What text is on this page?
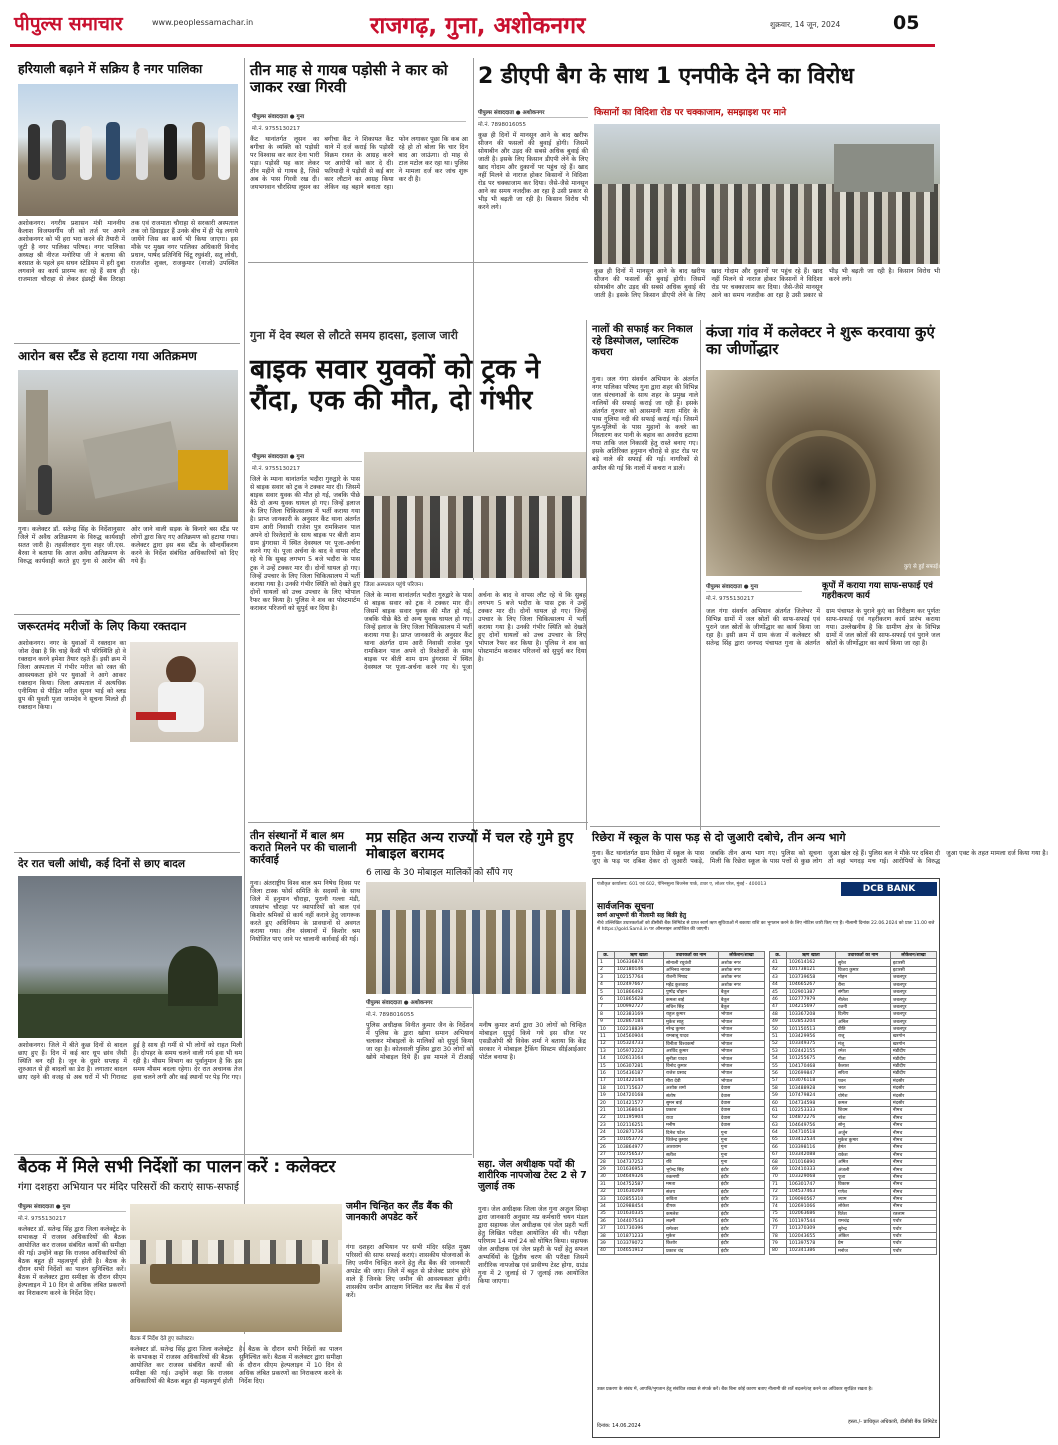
पीपुल्स समाचार	www.peoplessamachar.in	राजगढ़, गुना, अशोकनगर	शुक्रवार, 14 जून, 2024	05
हरियाली बढ़ाने में सक्रिय है नगर पालिका
अशोकनगर। नगरीय प्रशासन मंत्री माननीय कैलाश विजयवर्गीय जी को तर्ज पर अपने अशोकनगर को भी हरा भरा करने की तैयारी में जुटी है नगर पालिका परिषद। नगर पालिका अध्यक्ष श्री नीरज मनोरिया जी ने बताया की बरसात के पहले हम सघन स्टेडियम में हरी दुबा लगवाने का कार्य प्रारम्भ कर रहे हैं साथ ही राजमाता चौराहा से लेकर इंडस्ट्री बैंक तिराहा तक एवं राजमाता चौराहा से सरकारी अस्पताल तक जो डिवाइडर हैं उनके बीच में ही पेड़ लगाये जायेंगे जिस का कार्य भी किया जाएगा। इस मौके पर मुख्य नगर पालिका अधिकारी विनोद प्रधान, पार्षद प्रतिनिधि चिंटू रघुवंशी, सतू लोधी, राजजीत शुक्ल, राजकुमार (नाजो) उपस्थित रहे।
आरोन बस स्टैंड से हटाया गया अतिक्रमण
गुना। कलेक्टर डॉ. सतेन्द्र सिंह के निर्देशानुसार जिले में अवैध अतिक्रमण के विरुद्ध कार्यवाही सतत जारी है। तहसीलदार गुना शहर जी.एस. बैरवा ने बताया कि आज अवैध अतिक्रमण के विरुद्ध कार्यवाही करते हुए गुना से आरोन की ओर जाने वाली सड़क के किनारे बस स्टैंड पर लोगों द्वारा किए गए अतिक्रमण को हटाया गया। कलेक्टर द्वारा इस बस स्टैंड के सौन्दर्यीकरण करने के निर्देश संबंधित अधिकारियों को दिए गये हैं।
जरूरतमंद मरीजों के लिए किया रक्तदान
अशोकनगर। नगर के युवाओं में रक्तदान का जोश देखा है कि चाहे कैसी भी परिस्थिति हो वे रक्तदान करने हमेशा तैयार रहते हैं। इसी क्रम में जिला अस्पताल में गंभीर मरीज को रक्त की आवश्यकता होने पर युवाओं ने आगे आकर रक्तदान किया। जिला अस्पताल में अत्यधिक एनीमिया से पीड़ित मरीज सुमन भाई को ब्लड ग्रुप की युवती पूजा जामदेव ने सूचना मिलते ही रक्तदान किया।
देर रात चली आंधी, कई दिनों से छाए बादल
अशोकनगर। जिले में बीते कुछ दिनों से बादल छाए हुए हैं। दिन में कई बार धूप छांव जैसी स्थिति बन रही है। जून के दूसरे सप्ताह में शुरुआत से ही बादलों का डेरा है। लगातार बादल छाए रहने की वजह से अब घरों में भी गिरावट हुई है साथ ही गर्मी से भी लोगों को राहत मिली है। दोपहर के समय चलने वाली गर्म हवा भी थम रही है। मौसम विभाग का पूर्वानुमान है कि इस समय मौसम बदला रहेगा। देर रात अचानक तेज हवा चलने लगी और कई स्थानों पर पेड़ गिर गए।
तीन माह से गायब पड़ोसी ने कार को जाकर रखा गिरवी
पीपुल्स संवाददाता ● गुना
मो.नं. 9755130217
कैंट थानांतर्गत लूसन का बगीचा के व्यक्ति को पड़ोसी पर विश्वास कर कार देना भारी पड़ा। पड़ोसी यह कार लेकर तीन महीने से गायब है, जिसे अब के पास गिरवी रख दी। जयभगवान चौरसिया लूसन का बगीचा कैंट ने शिकायत कैंट थाने में दर्ज कराई कि पड़ोसी विक्रम रावत के आग्रह करने पर आरोपी को कार दे दी। फरियादी ने पड़ोसी से कई बार कार लौटाने का आग्रह किया लेकिन वह बहाने बनाता रहा। फोन लगाकर पूछा कि कब आ रहे हो तो बोला कि चार दिन बाद आ जाऊंगा। दो माह से टाल मटोल कर रहा था। पुलिस ने मामला दर्ज कर जांच शुरू कर दी है।
2 डीएपी बैग के साथ 1 एनपीके देने का विरोध
पीपुल्स संवाददाता ● अशोकनगर
मो.नं. 7898016055
किसानों का विदिशा रोड पर चक्काजाम, समझाइश पर माने
कुछ ही दिनों में मानसून आने के बाद खरीफ सीजन की फसलों की बुवाई होगी। जिसमें सोयाबीन और उड़द की सबसे अधिक बुवाई की जाती है। इसके लिए किसान डीएपी लेने के लिए खाद गोदाम और दुकानों पर पहुंच रहे हैं। खाद नहीं मिलने से नाराज होकर किसानों ने विदिशा रोड पर चक्काजाम कर दिया। जैसे-जैसे मानसून आने का समय नजदीक आ रहा है उसी प्रकार से भीड़ भी बढ़ती जा रही है। किसान विरोध भी करने लगे।
कुछ ही दिनों में मानसून आने के बाद खरीफ सीजन की फसलों की बुवाई होगी। जिसमें सोयाबीन और उड़द की सबसे अधिक बुवाई की जाती है। इसके लिए किसान डीएपी लेने के लिए खाद गोदाम और दुकानों पर पहुंच रहे हैं। खाद नहीं मिलने से नाराज होकर किसानों ने विदिशा रोड पर चक्काजाम कर दिया। जैसे-जैसे मानसून आने का समय नजदीक आ रहा है उसी प्रकार से भीड़ भी बढ़ती जा रही है। किसान विरोध भी करने लगे।
गुना में देव स्थल से लौटते समय हादसा, इलाज जारी
बाइक सवार युवकों को ट्रक ने रौंदा, एक की मौत, दो गंभीर
पीपुल्स संवाददाता ● गुना
मो.नं. 9755130217
जिले के म्याना थानांतर्गत भदौरा गुरुद्वारे के पास से बाइक सवार को ट्रक ने टक्कर मार दी। जिसमें बाइक सवार युवक की मौत हो गई, जबकि पीछे बैठे दो अन्य युवक घायल हो गए। जिन्हें इलाज के लिए जिला चिकित्सालय में भर्ती कराया गया है। प्राप्त जानकारी के अनुसार कैंट थाना अंतर्गत ग्राम आरी निवासी राजेश पुत्र रामकिशन पाल अपने दो रिश्तेदारों के साथ बाइक पर बीती शाम ग्राम डुंगरासा में स्थित देवस्थल पर पूजा-अर्चना करने गए थे। पूजा अर्चना के बाद वे वापस लौट रहे थे कि सुबह लगभग 5 बजे भदौरा के पास ट्रक ने उन्हें टक्कर मार दी। दोनों घायल हो गए। जिन्हें उपचार के लिए जिला चिकित्सालय में भर्ती कराया गया है। उनकी गंभीर स्थिति को देखते हुए दोनों घायलों को उच्च उपचार के लिए भोपाल रैफर कर किया है। पुलिस ने शव का पोस्टमार्टम कराकर परिजनों को सुपुर्द कर दिया है।
जिला अस्पताल पहुंचे परिजन।
जिले के म्याना थानांतर्गत भदौरा गुरुद्वारे के पास से बाइक सवार को ट्रक ने टक्कर मार दी। जिसमें बाइक सवार युवक की मौत हो गई, जबकि पीछे बैठे दो अन्य युवक घायल हो गए। जिन्हें इलाज के लिए जिला चिकित्सालय में भर्ती कराया गया है। प्राप्त जानकारी के अनुसार कैंट थाना अंतर्गत ग्राम आरी निवासी राजेश पुत्र रामकिशन पाल अपने दो रिश्तेदारों के साथ बाइक पर बीती शाम ग्राम डुंगरासा में स्थित देवस्थल पर पूजा-अर्चना करने गए थे। पूजा अर्चना के बाद वे वापस लौट रहे थे कि सुबह लगभग 5 बजे भदौरा के पास ट्रक ने उन्हें टक्कर मार दी। दोनों घायल हो गए। जिन्हें उपचार के लिए जिला चिकित्सालय में भर्ती कराया गया है। उनकी गंभीर स्थिति को देखते हुए दोनों घायलों को उच्च उपचार के लिए भोपाल रैफर कर किया है। पुलिस ने शव का पोस्टमार्टम कराकर परिजनों को सुपुर्द कर दिया है।
नालों की सफाई कर निकाल रहे डिस्पोजल, प्लास्टिक कचरा
गुना। जल गंगा संवर्धन अभियान के अंतर्गत नगर पालिका परिषद गुना द्वारा शहर की विभिन्न जल संरचनाओं के साथ शहर के प्रमुख नाले नालियों की सफाई कराई जा रही है। इसके अंतर्गत गुरुवार को आसमानी माता मंदिर के पास गुलिया नदी की सफाई कराई गई। जिसमें पुल-पुलियों के पास मुहानों के कचरे का निस्तारण कर पानी के बहाव का अवरोध हटाया गया ताकि जल निकासी हेतु रास्ते बनाए गए। इसके अतिरिक्त हनुमान चौराहे से हाट रोड पर बड़े नाले की सफाई की गई। नागरिकों से अपील की गई कि नालों में कचरा न डालें।
कंजा गांव में कलेक्टर ने शुरू करवाया कुएं का जीर्णोद्धार
कुएं से हुई सफाई।
पीपुल्स संवाददाता ● गुना
मो.नं. 9755130217
कूपों में कराया गया साफ-सफाई एवं गहरीकरण कार्य
जल गंगा संवर्धन अभियान अंतर्गत जिलेभर में विभिन्न ग्रामों में जल स्रोतों की साफ-सफाई एवं पुराने जल स्रोतों के जीर्णोद्धार का कार्य किया जा रहा है। इसी क्रम में ग्राम कंजा में कलेक्टर श्री सतेन्द्र सिंह द्वारा जनपद पंचायत गुना के अंतर्गत ग्राम पंचायत के पुराने कुएं का निरीक्षण कर पूर्णतः साफ-सफाई एवं गहरीकरण कार्य प्रारंभ कराया गया। उल्लेखनीय है कि ग्रामीण क्षेत्र के विभिन्न ग्रामों में जल स्रोतों की साफ-सफाई एवं पुराने जल स्रोतों के जीर्णोद्धार का कार्य किया जा रहा है।
तीन संस्थानों में बाल श्रम कराते मिलने पर की चालानी कार्रवाई
गुना। अंतराष्ट्रीय विश्व बाल श्रम निषेध दिवस पर जिला टास्क फोर्स समिति के सदस्यों के साथ जिले में हनुमान चौराहा, पुरानी गल्ला मंडी, जयस्तंभ चौराहा पर व्यापारियों को बाल एवं किशोर श्रमिकों से कार्य नहीं कराने हेतु जागरूक करते हुए अधिनियम के प्रावधानों से अवगत कराया गया। तीन संस्थानों में किशोर श्रम नियोजित पाए जाने पर चालानी कार्रवाई की गई।
मप्र सहित अन्य राज्यों में चल रहे गुमे हुए मोबाइल बरामद
6 लाख के 30 मोबाइल मालिकों को सौंपे गए
पीपुल्स संवाददाता ● अशोकनगर
मो.नं. 7898016055
पुलिस अधीक्षक विनीत कुमार जैन के निर्देशन में पुलिस के द्वारा खोया समान अभियान चलाकर मोबाइलों के मालिकों को सुपुर्द किया जा रहा है। कोतवाली पुलिस द्वारा 30 लोगों को खोये मोबाइल दिये हैं। इस मामले में टीआई मनीष कुमार शर्मा द्वारा 30 लोगों को चिन्हित मोबाइल सुपुर्द किये गये इस सीज पर एसडीओपी श्री विवेक शर्मा ने बताया कि केंद्र सरकार ने मोबाइल ट्रैकिंग सिस्टम सीईआईआर पोर्टल बनाया है।
रिछेरा में स्कूल के पास फड़ से दो जुआरी दबोचे, तीन अन्य भागे
गुना। कैंट थानांतर्गत ग्राम रिछेरा में स्कूल के पास जुए के फड़ पर दबिश देकर दो जुआरी पकड़े, जबकि तीन अन्य भाग गए। पुलिस को सूचना मिली कि रिछेरा स्कूल के पास पत्तों से कुछ लोग जुआ खेल रहे हैं। पुलिस बल ने मौके पर दबिश दी तो वहां भगदड़ मच गई। आरोपियों के विरुद्ध जुआ एक्ट के तहत मामला दर्ज किया गया है।
पंजीकृत कार्यालय: 601 एवं 602, पेनिनसुला बिजनेस पार्क, टावर ए, लोअर परेल, मुंबई - 400013	DCB BANK
सार्वजनिक सूचना
स्वर्ण आभूषणों की नीलामी सह बिक्री हेतु
नीचे उल्लिखित उधारकर्ताओं को डीसीबी बैंक लिमिटेड से प्राप्त स्वर्ण ऋण सुविधाओं में बकाया राशि का भुगतान करने के लिए नोटिस जारी किए गए हैं। नीलामी दिनांक 22.06.2024 को प्रातः 11.00 बजे से https://gold.Samil.in पर ऑनलाइन आयोजित की जाएगी।
क्र.	ऋण खाता	उधारकर्ता का नाम	लोकेशन/शाखा
1	106336874	सोनाली रघुवंशी	अशोक नगर
2	102180146	अभिनव नायक	अशोक नगर
3	102157764	रोशनी निषाद	अशोक नगर
4	102497667	महेंद्र कुशवाह	अशोक नगर
5	101866492	पुष्पेंद्र चौहान	बैतूल
6	101865628	कमला बाई	बैतूल
7	100992727	सचिन सिंह	बैतूल
8	102383169	राहुल कुमार	भोपाल
9	102867184	मुकेश साहू	भोपाल
10	102218839	नरेन्द्र कुमार	भोपाल
11	104560904	रामबाबू यादव	भोपाल
12	105324733	विनीता विश्वकर्मा	भोपाल
13	105972222	अरविंद कुमार	भोपाल
14	102613164	सुनीता यादव	भोपाल
15	106307281	विनोद कुमार	भोपाल
16	105436187	राजेश प्रसाद	भोपाल
17	101422144	मीरा देवी	भोपाल
18	101715637	अशोक शर्मा	देवास
19	104720168	संतोष	देवास
20	101421577	सुमन बाई	देवास
21	101368043	प्रकाश	देवास
22	101195904	राधा	देवास
23	102116251	मनीष	देवास
24	102871736	दिनेश पटेल	गुना
25	101053772	जितेन्द्र कुमार	गुना
26	103864977	आशाराम	गुना
27	102756537	सतीश	गुना
28	104737252	रवि	गुना
29	101636953	भूपेन्द्र सिंह	इंदौर
30	104649326	रुकमणी	इंदौर
31	104752587	ममता	इंदौर
32	101630269	संजय	इंदौर
33	102855310	कविता	इंदौर
34	102988454	दीपक	इंदौर
35	101630335	कमलेश	इंदौर
36	104407543	लक्ष्मी	इंदौर
37	101730396	रामेश्वर	इंदौर
38	101871233	मुकेश	इंदौर
39	103379072	किशोर	इंदौर
40	104651912	प्रकाश चंद	इंदौर
क्र.	ऋण खाता	उधारकर्ता का नाम	लोकेशन/शाखा
41	102614162	सुरेश	इटारसी
42	101738121	विजय कुमार	इटारसी
43	103739658	मोहन	जबलपुर
44	104665267	रीना	जबलपुर
45	102901387	संगीता	जबलपुर
46	102777979	नीलेश	जबलपुर
47	104215697	रजनी	जबलपुर
48	103367208	दिलीप	जबलपुर
49	102853204	अनिल	जबलपुर
50	101150513	प्रीति	जबलपुर
51	103429956	राजू	खरगोन
52	103349375	मंजू	खरगोन
53	102442155	रमेश	मंडीदीप
54	101255675	गीता	मंडीदीप
55	104170468	कैलाश	मंडीदीप
56	102699847	सरिता	मंडीदीप
57	103076118	पवन	मंदसौर
58	103488928	भरत	मंदसौर
59	107479824	योगेश	मंदसौर
60	104734598	कमल	मंदसौर
61	102253333	शिवम	नीमच
62	104872276	नरेश	नीमच
63	104649756	सोनू	नीमच
64	104710518	अर्जुन	नीमच
65	103412534	मुकेश कुमार	नीमच
66	103398116	हेमंत	नीमच
67	103342088	राकेश	नीमच
68	101016890	अमित	नीमच
69	102410333	अंजली	नीमच
70	103329068	पूजा	नीमच
71	106301747	विकास	नीमच
72	104537463	गणेश	नीमच
73	109090567	श्याम	नीमच
74	102691066	लोकेश	नीमच
75	102063686	रितेश	रतलाम
76	101197544	रामचंद्र	पचोर
77	101370309	सुरेन्द्र	पचोर
78	102043655	अंकित	पचोर
79	101397578	प्रेम	पचोर
80	102341386	मनोज	पचोर
उक्त प्रकरण के संबंध में, आपत्ति/भुगतान हेतु संबंधित शाखा से संपर्क करें। बैंक बिना कोई कारण बताए नीलामी की शर्तें बदलने/रद्द करने का अधिकार सुरक्षित रखता है।
दिनांक: 14.06.2024
हस्ता./- प्राधिकृत अधिकारी, डीसीबी बैंक लिमिटेड
बैठक में मिले सभी निर्देशों का पालन करें : कलेक्टर
गंगा दशहरा अभियान पर मंदिर परिसरों की कराएं साफ-सफाई
पीपुल्स संवाददाता ● गुना
मो.नं. 9755130217
कलेक्टर डॉ. सतेन्द्र सिंह द्वारा जिला कलेक्ट्रेट के सभाकक्ष में राजस्व अधिकारियों की बैठक आयोजित कर राजस्व संबंधित कार्यों की समीक्षा की गई। उन्होंने कहा कि राजस्व अधिकारियों की बैठक बहुत ही महत्वपूर्ण होती है। बैठक के दौरान सभी निर्देशों का पालन सुनिश्चित करें। बैठक में कलेक्टर द्वारा समीक्षा के दौरान सीएम हेल्पलाइन में 10 दिन से अधिक लंबित प्रकरणों का निराकरण करने के निर्देश दिए।
बैठक में निर्देश देते हुए कलेक्टर।
कलेक्टर डॉ. सतेन्द्र सिंह द्वारा जिला कलेक्ट्रेट के सभाकक्ष में राजस्व अधिकारियों की बैठक आयोजित कर राजस्व संबंधित कार्यों की समीक्षा की गई। उन्होंने कहा कि राजस्व अधिकारियों की बैठक बहुत ही महत्वपूर्ण होती है। बैठक के दौरान सभी निर्देशों का पालन सुनिश्चित करें। बैठक में कलेक्टर द्वारा समीक्षा के दौरान सीएम हेल्पलाइन में 10 दिन से अधिक लंबित प्रकरणों का निराकरण करने के निर्देश दिए।
जमीन चिन्हित कर लैंड बैंक की जानकारी अपडेट करें
गंगा दशहरा अभियान पर सभी मंदिर सहित मुख्य परिसरों की साफ सफाई कराएं। शासकीय योजनाओं के लिए जमीन चिन्हित करने हेतु लैंड बैंक की जानकारी अपडेट की जाए। जिले में बहुत से प्रोजेक्ट प्रारंभ होने वाले हैं जिनके लिए जमीन की आवश्यकता होगी। शासकीय जमीन आरक्षण निश्चित कर लैंड बैंक में दर्ज करें।
सहा. जेल अधीक्षक पदों की शारीरिक नापजोख टेस्ट 2 से 7 जुलाई तक
गुना। जेल अधीक्षक जिला जेल गुना अजुल सिन्हा द्वारा जानकारी अनुसार मप्र कर्मचारी चयन मंडल द्वारा सहायक जेल अधीक्षक एवं जेल प्रहरी भर्ती हेतु लिखित परीक्षा आयोजित की थी। परीक्षा परिणाम 14 मार्च 24 को घोषित किया। सहायक जेल अधीक्षक एवं जेल प्रहरी के पदों हेतु सफल अभ्यर्थियों के द्वितीय चरण की परीक्षा जिसमें शारीरिक नापजोख एवं प्रावीण्य टेस्ट होगा, ग्राउंड गुना में 2 जुलाई से 7 जुलाई तक आयोजित किया जाएगा।
